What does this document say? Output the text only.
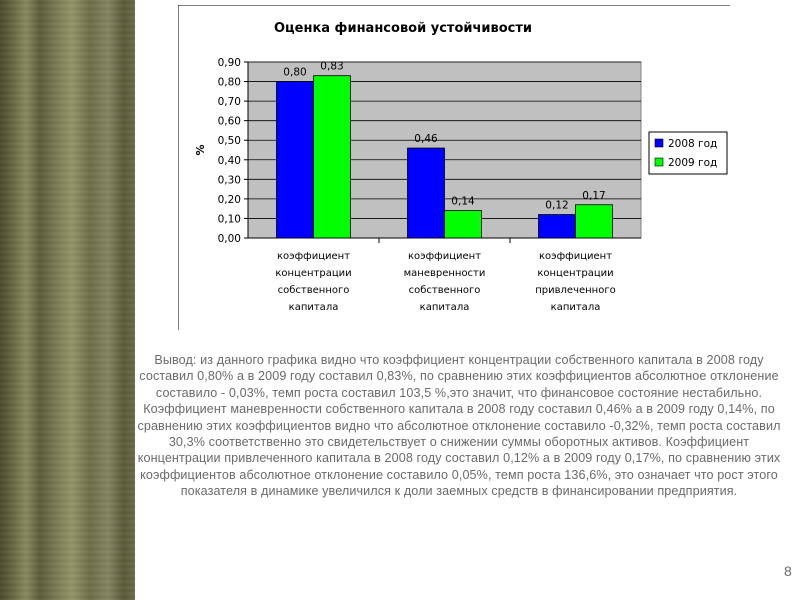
Оценка финансовой устойчивости
0,00
0,10
0,20
0,30
0,40
0,50
0,60
0,70
0,80
0,90
%
0,80 0,83
коэффициент
концентрации
собственного
капитала
0,46
0,14
коэффициент
маневренности
собственного
капитала
0,12
0,17
коэффициент
концентрации
привлеченного
капитала
2008 год
2009 год
Вывод: из данного графика видно что коэффициент концентрации собственного капитала в 2008 году составил 0,80% а в 2009 году составил 0,83%, по сравнению этих коэффициентов абсолютное отклонение составило - 0,03%, темп роста составил 103,5 %,это значит, что финансовое состояние нестабильно. Коэффициент маневренности собственного капитала в 2008 году составил 0,46% а в 2009 году 0,14%, по сравнению этих коэффициентов видно что абсолютное отклонение составило -0,32%, темп роста составил 30,3% соответственно это свидетельствует о снижении суммы оборотных активов. Коэффициент концентрации привлеченного капитала в 2008 году составил 0,12% а в 2009 году 0,17%, по сравнению этих коэффициентов абсолютное отклонение составило 0,05%, темп роста 136,6%, это означает что рост этого показателя в динамике увеличился к доли заемных средств в финансировании предприятия.
8
